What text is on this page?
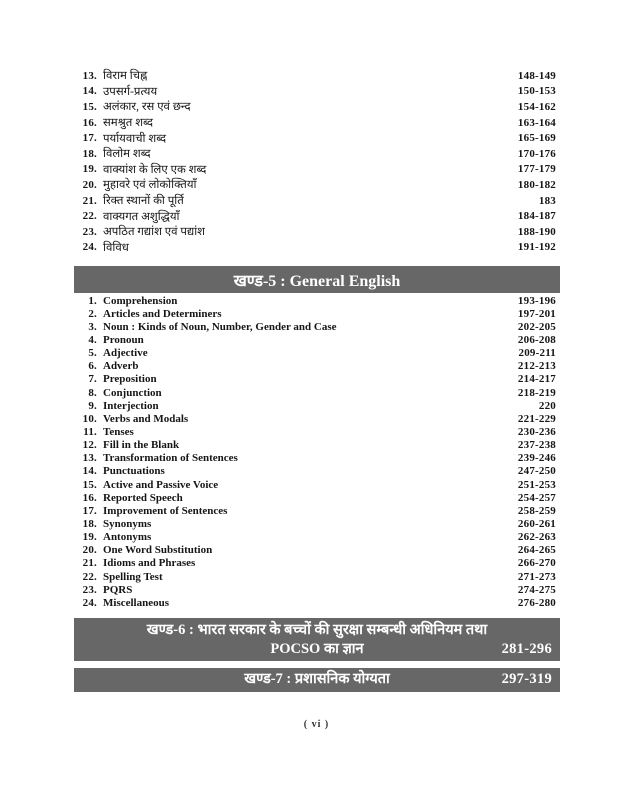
13. विराम चिह्न	148-149
14. उपसर्ग-प्रत्यय	150-153
15. अलंकार, रस एवं छन्द	154-162
16. समश्रुत शब्द	163-164
17. पर्यायवाची शब्द	165-169
18. विलोम शब्द	170-176
19. वाक्यांश के लिए एक शब्द	177-179
20. मुहावरे एवं लोकोक्तियाँ	180-182
21. रिक्त स्थानों की पूर्ति	183
22. वाक्यगत अशुद्धियाँ	184-187
23. अपठित गद्यांश एवं पद्यांश	188-190
24. विविध	191-192
खण्ड-5 : General English
1. Comprehension	193-196
2. Articles and Determiners	197-201
3. Noun : Kinds of Noun, Number, Gender and Case	202-205
4. Pronoun	206-208
5. Adjective	209-211
6. Adverb	212-213
7. Preposition	214-217
8. Conjunction	218-219
9. Interjection	220
10. Verbs and Modals	221-229
11. Tenses	230-236
12. Fill in the Blank	237-238
13. Transformation of Sentences	239-246
14. Punctuations	247-250
15. Active and Passive Voice	251-253
16. Reported Speech	254-257
17. Improvement of Sentences	258-259
18. Synonyms	260-261
19. Antonyms	262-263
20. One Word Substitution	264-265
21. Idioms and Phrases	266-270
22. Spelling Test	271-273
23. PQRS	274-275
24. Miscellaneous	276-280
खण्ड-6 : भारत सरकार के बच्चों की सुरक्षा सम्बन्धी अधिनियम तथा
POCSO का ज्ञान	281-296
खण्ड-7 : प्रशासनिक योग्यता	297-319
( vi )
